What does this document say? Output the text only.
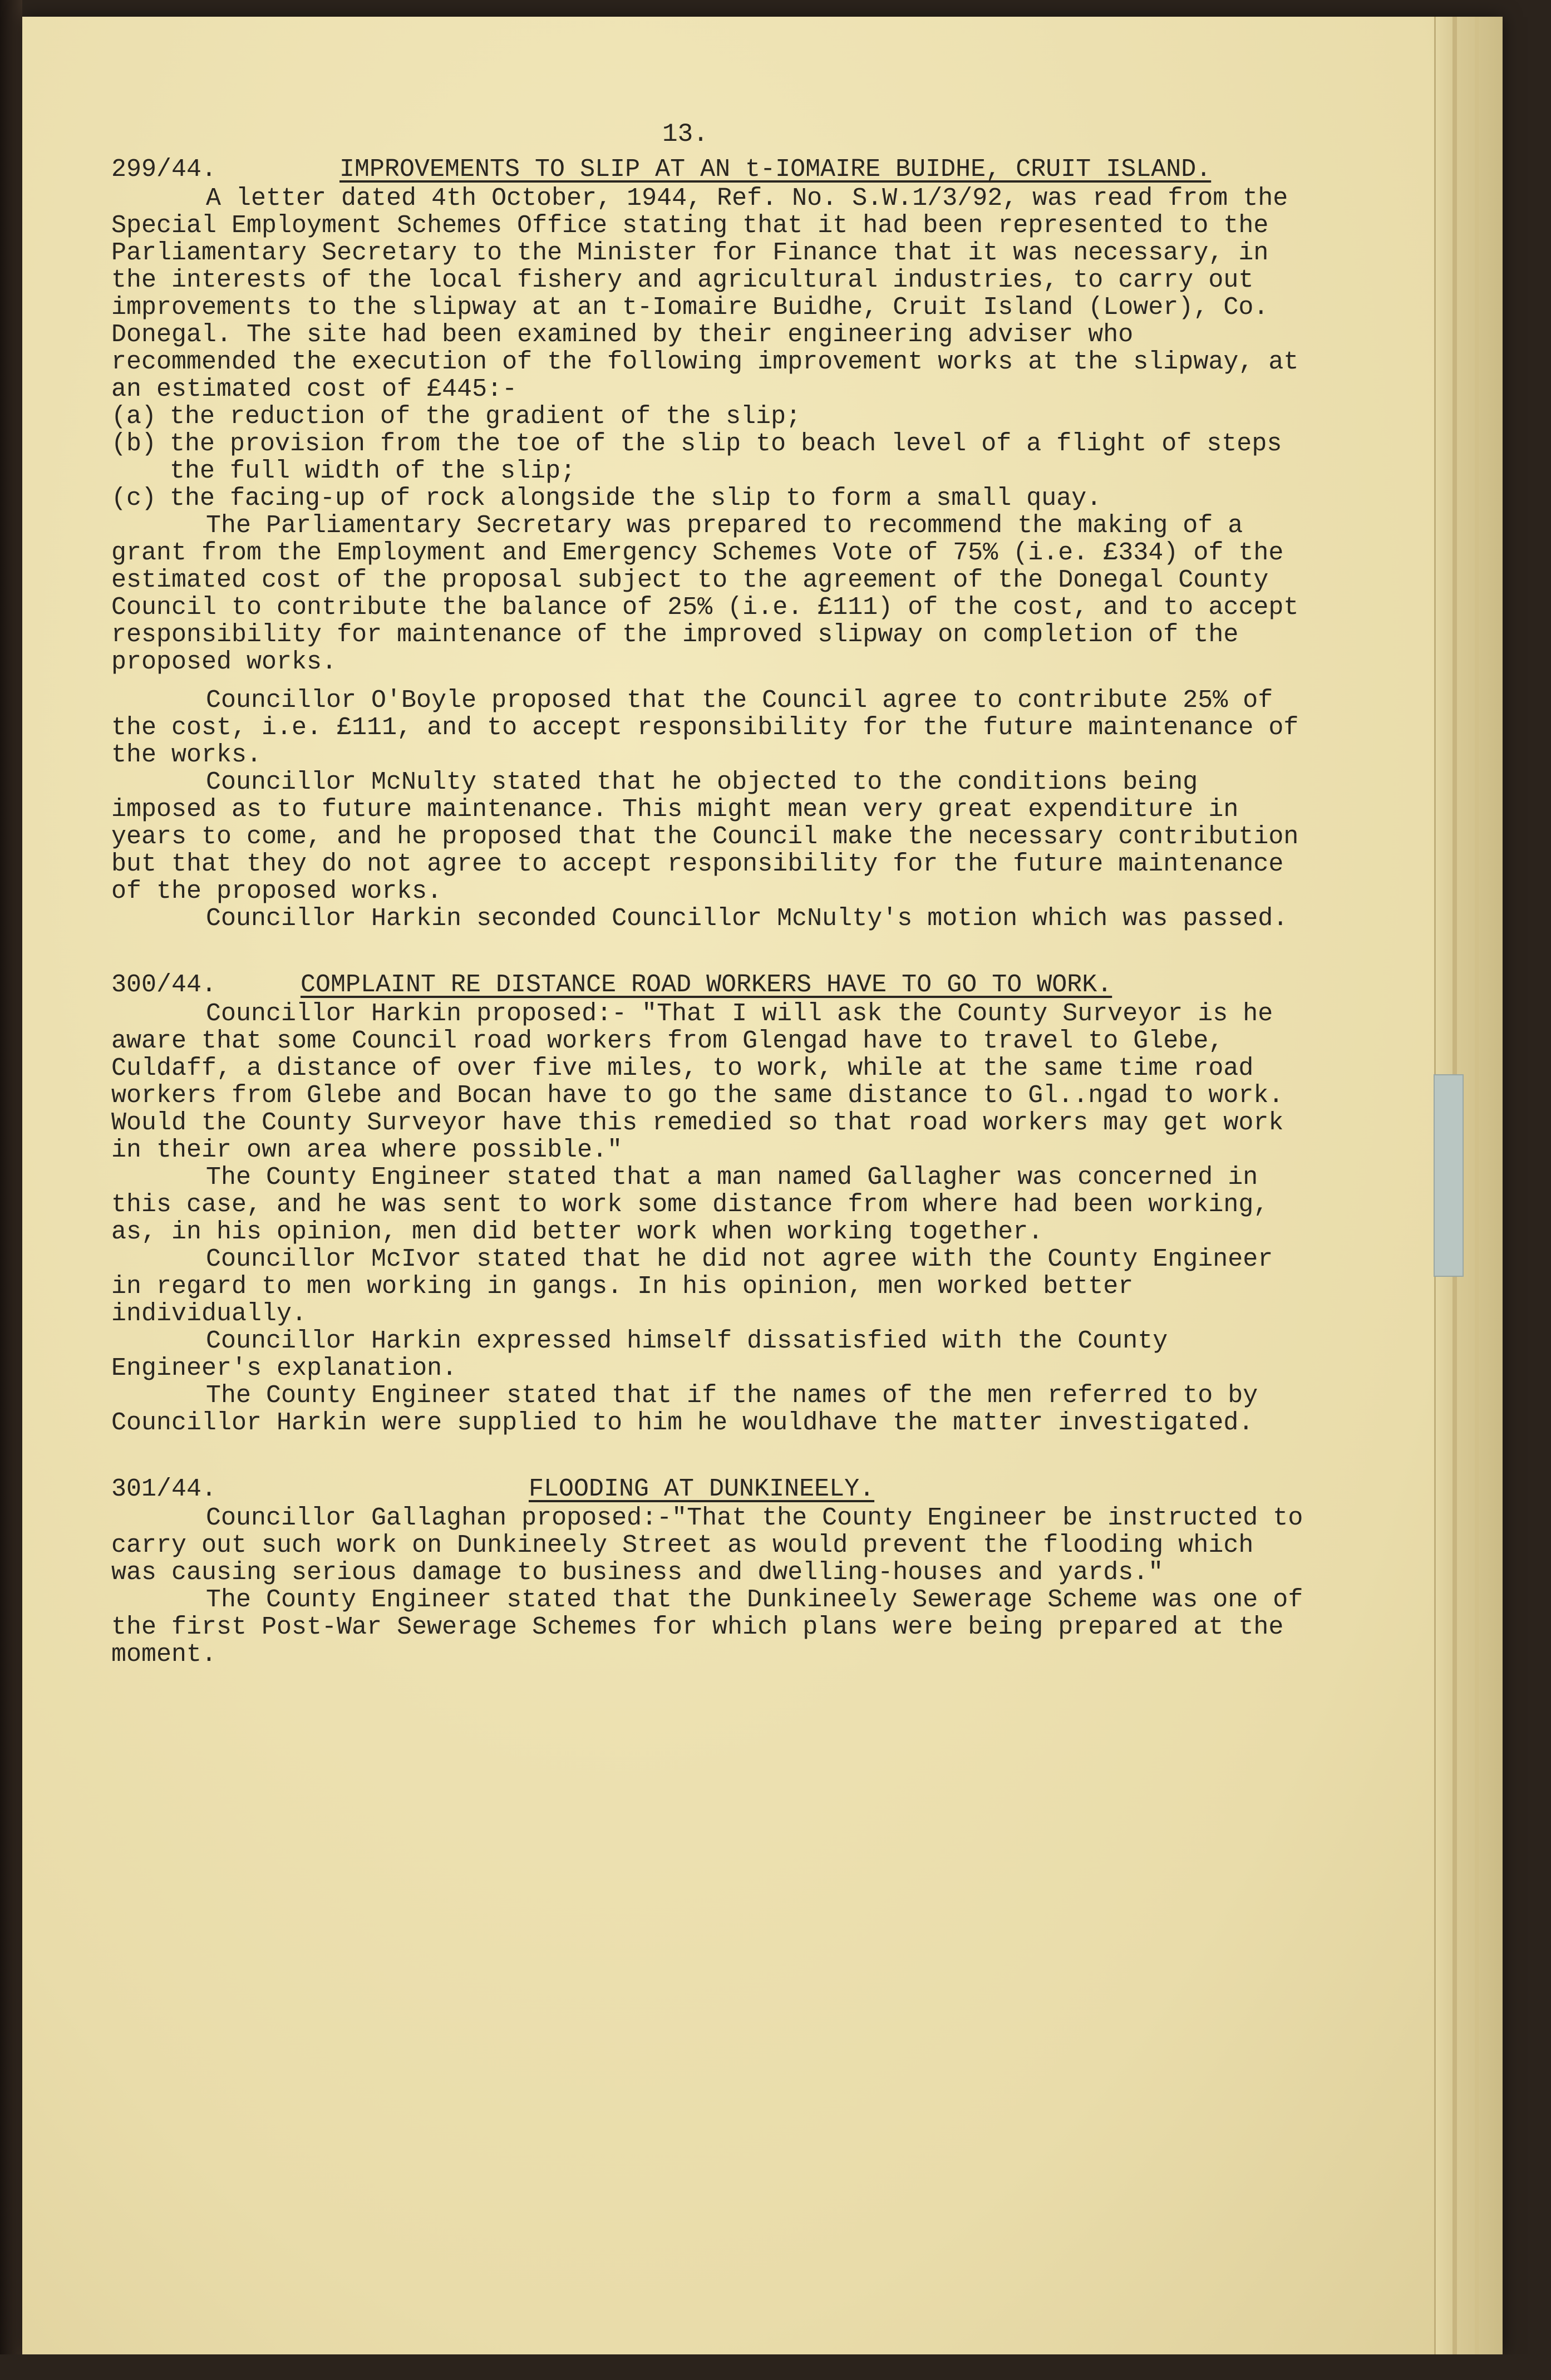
13.

299/44.

	IMPROVEMENTS TO SLIP AT AN t-IOMAIRE BUIDHE, CRUIT ISLAND.

A letter dated 4th October, 1944, Ref. No. S.W.1/3/92, was read from the Special Employment Schemes Office stating that it had been represented to the Parliamentary Secretary to the Minister for Finance that it was necessary, in the interests of the local fishery and agricultural industries, to carry out improvements to the slipway at an t-Iomaire Buidhe, Cruit Island (Lower), Co. Donegal. The site had been examined by their engineering adviser who recommended the execution of the following improvement works at the slipway, at an estimated cost of £445:-

(a) the reduction of the gradient of the slip;
(b) the provision from the toe of the slip to beach level of a flight of steps the full width of the slip;
(c) the facing-up of rock alongside the slip to form a small quay.

The Parliamentary Secretary was prepared to recommend the making of a grant from the Employment and Emergency Schemes Vote of 75% (i.e. £334) of the estimated cost of the proposal subject to the agreement of the Donegal County Council to contribute the balance of 25% (i.e. £111) of the cost, and to accept responsibility for maintenance of the improved slipway on completion of the proposed works.

Councillor O'Boyle proposed that the Council agree to contribute 25% of the cost, i.e. £111, and to accept responsibility for the future maintenance of the works.

Councillor McNulty stated that he objected to the conditions being imposed as to future maintenance. This might mean very great expenditure in years to come, and he proposed that the Council make the necessary contribution but that they do not agree to accept responsibility for the future maintenance of the proposed works.

Councillor Harkin seconded Councillor McNulty's motion which was passed.

300/44.

	COMPLAINT RE DISTANCE ROAD WORKERS HAVE TO GO TO WORK.

Councillor Harkin proposed:- "That I will ask the County Surveyor is he aware that some Council road workers from Glengad have to travel to Glebe, Culdaff, a distance of over five miles, to work, while at the same time road workers from Glebe and Bocan have to go the same distance to Gl..ngad to work. Would the County Surveyor have this remedied so that road workers may get work in their own area where possible."

The County Engineer stated that a man named Gallagher was concerned in this case, and he was sent to work some distance from where had been working, as, in his opinion, men did better work when working together.

Councillor McIvor stated that he did not agree with the County Engineer in regard to men working in gangs. In his opinion, men worked better individually.

Councillor Harkin expressed himself dissatisfied with the County Engineer's explanation.

The County Engineer stated that if the names of the men referred to by Councillor Harkin were supplied to him he wouldhave the matter investigated.

301/44.

	FLOODING AT DUNKINEELY.

Councillor Gallaghan proposed:-"That the County Engineer be instructed to carry out such work on Dunkineely Street as would prevent the flooding which was causing serious damage to business and dwelling-houses and yards."

The County Engineer stated that the Dunkineely Sewerage Scheme was one of the first Post-War Sewerage Schemes for which plans were being prepared at the moment.
